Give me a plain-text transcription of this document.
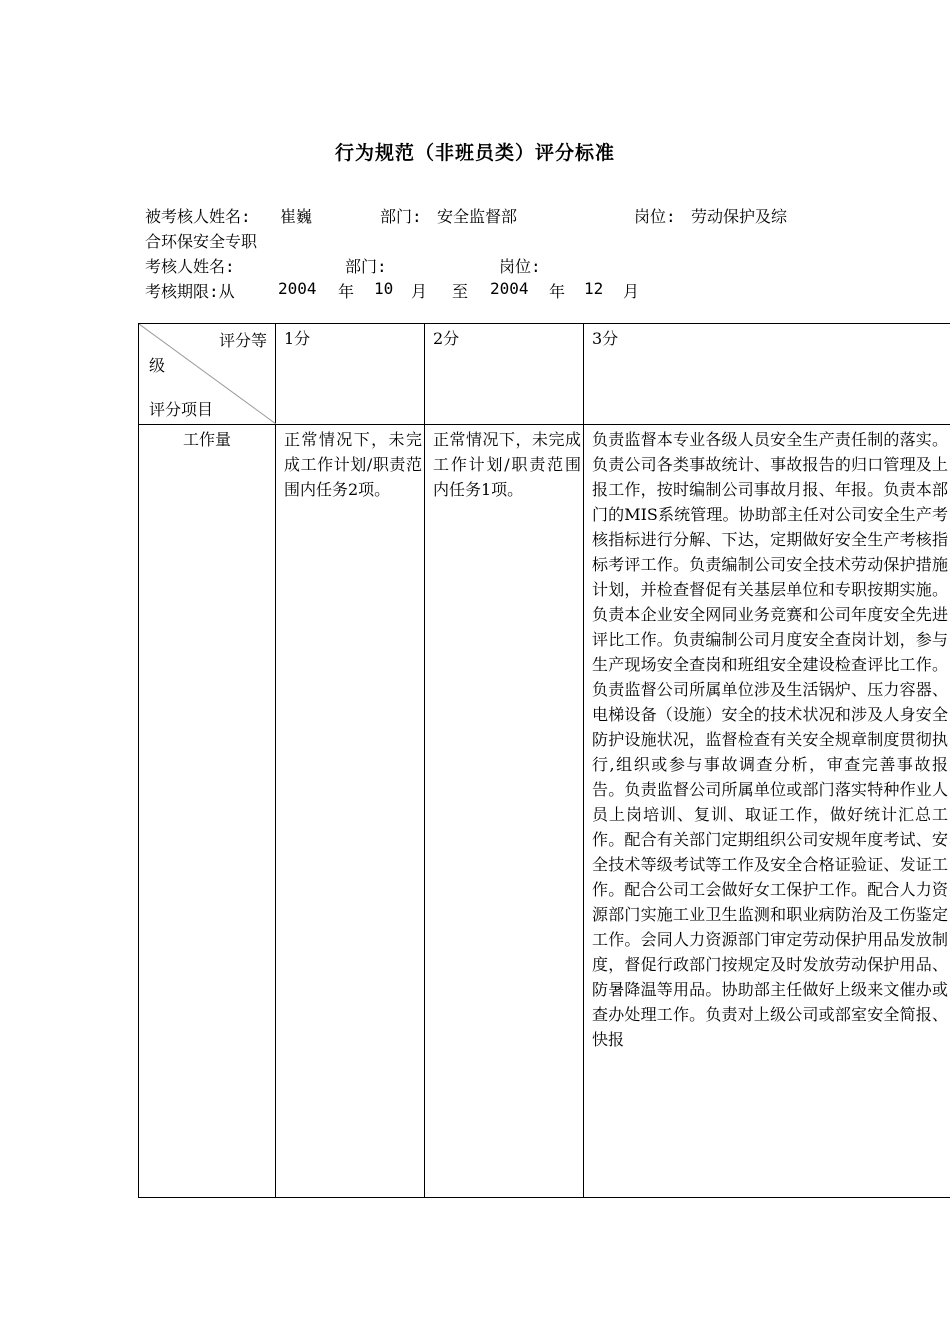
行为规范（非班员类）评分标准
被考核人姓名: 崔巍	部门: 安全监督部	岗位: 劳动保护及综
合环保安全专职
考核人姓名:	部门:	岗位:
考核期限:从	2004 年 10 月 至 2004 年 12 月
评分等
级
评分项目	1分	2分	3分
工作量	正常情况下，未完成工作计划/职责范围内任务2项。	正常情况下，未完成工作计划/职责范围内任务1项。	负责监督本专业各级人员安全生产责任制的落实。负责公司各类事故统计、事故报告的归口管理及上报工作，按时编制公司事故月报、年报。负责本部门的MIS系统管理。协助部主任对公司安全生产考核指标进行分解、下达，定期做好安全生产考核指标考评工作。负责编制公司安全技术劳动保护措施计划，并检查督促有关基层单位和专职按期实施。负责本企业安全网同业务竞赛和公司年度安全先进评比工作。负责编制公司月度安全查岗计划，参与生产现场安全查岗和班组安全建设检查评比工作。负责监督公司所属单位涉及生活锅炉、压力容器、电梯设备（设施）安全的技术状况和涉及人身安全防护设施状况，监督检查有关安全规章制度贯彻执行,组织或参与事故调查分析，审查完善事故报告。负责监督公司所属单位或部门落实特种作业人员上岗培训、复训、取证工作，做好统计汇总工作。配合有关部门定期组织公司安规年度考试、安全技术等级考试等工作及安全合格证验证、发证工作。配合公司工会做好女工保护工作。配合人力资源部门实施工业卫生监测和职业病防治及工伤鉴定工作。会同人力资源部门审定劳动保护用品发放制度，督促行政部门按规定及时发放劳动保护用品、防暑降温等用品。协助部主任做好上级来文催办或查办处理工作。负责对上级公司或部室安全简报、快报
